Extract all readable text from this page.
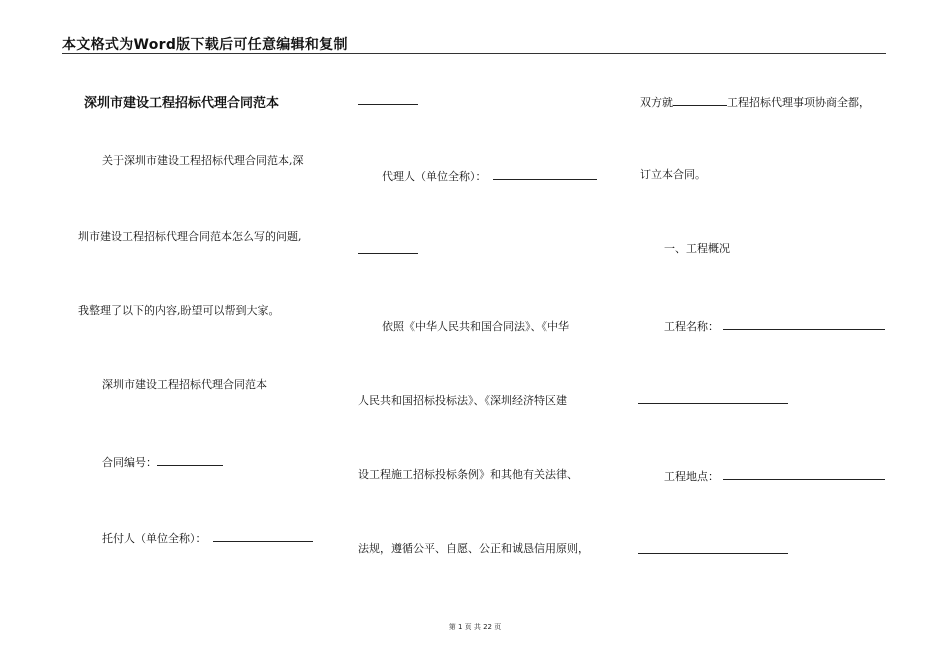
本文格式为Word版下载后可任意编辑和复制
深圳市建设工程招标代理合同范本
关于深圳市建设工程招标代理合同范本,深
圳市建设工程招标代理合同范本怎么写的问题,
我整理了以下的内容,盼望可以帮到大家。
深圳市建设工程招标代理合同范本
合同编号：
托付人（单位全称）：
代理人（单位全称）：
依照《中华人民共和国合同法》、《中华
人民共和国招标投标法》、《深圳经济特区建
设工程施工招标投标条例》和其他有关法律、
法规，遵循公平、自愿、公正和诚恳信用原则，
双方就	工程招标代理事项协商全都，
订立本合同。
一、工程概况
工程名称：
工程地点：
第 1 页 共 22 页
